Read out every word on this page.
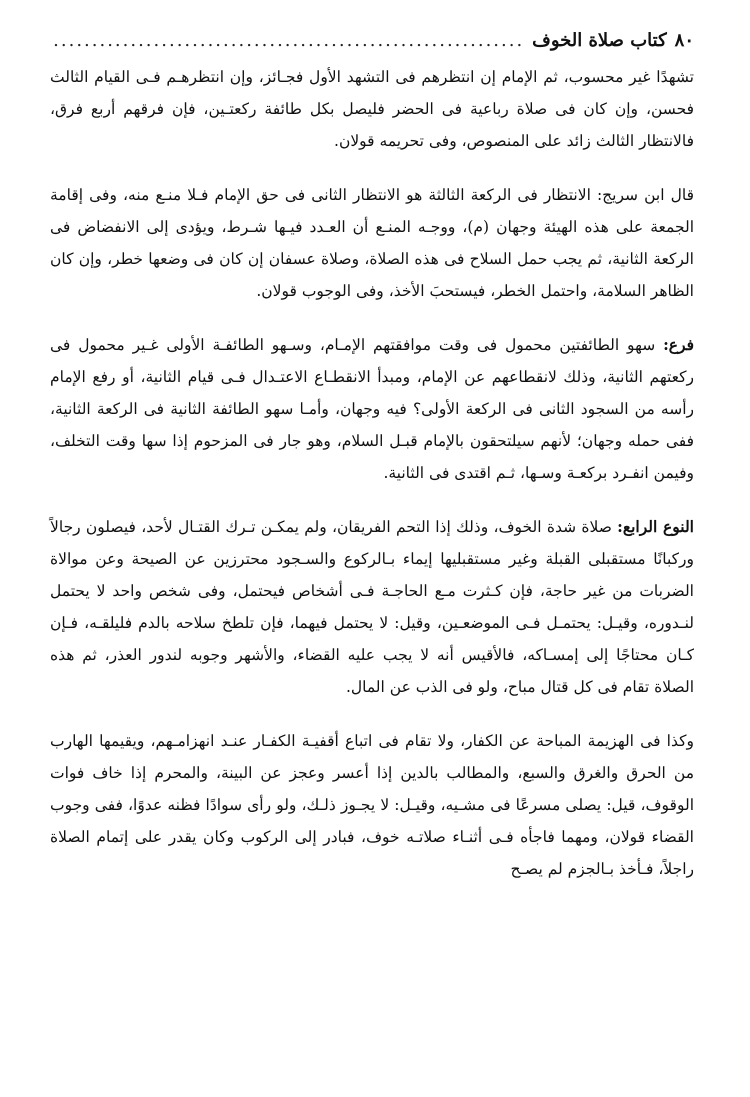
٨٠
كتاب صلاة الخوف
.....

تشهدًا غير محسوب، ثم الإمام إن انتظرهم فى التشهد الأول فجـائز، وإن انتظرهـم فـى القيام الثالث فحسن، وإن كان فى صلاة رباعية فى الحضر فليصل بكل طائفة ركعتـين، فإن فرقهم أربع فرق، فالانتظار الثالث زائد على المنصوص، وفى تحريمه قولان.

قال ابن سريج: الانتظار فى الركعة الثالثة هو الانتظار الثانى فى حق الإمام فـلا منـع منه، وفى إقامة الجمعة على هذه الهيئة وجهان (م)، ووجـه المنـع أن العـدد فيـها شـرط، ويؤدى إلى الانفضاض فى الركعة الثانية، ثم يجب حمل السلاح فى هذه الصلاة، وصلاة عسفان إن كان فى وضعها خطر، وإن كان الظاهر السلامة، واحتمل الخطر، فيستحبَ الأخذ، وفى الوجوب قولان.

فرع: سهو الطائفتين محمول فى وقت موافقتهم الإمـام، وسـهو الطائفـة الأولى غـير محمول فى ركعتهم الثانية، وذلك لانقطاعهم عن الإمام، ومبدأ الانقطـاع الاعتـدال فـى قيام الثانية، أو رفع الإمام رأسه من السجود الثانى فى الركعة الأولى؟ فيه وجهان، وأمـا سهو الطائفة الثانية فى الركعة الثانية، ففى حمله وجهان؛ لأنهم سيلتحقون بالإمام قبـل السلام، وهو جار فى المزحوم إذا سها وقت التخلف، وفيمن انفـرد بركعـة وسـها، ثـم اقتدى فى الثانية.

النوع الرابع: صلاة شدة الخوف، وذلك إذا التحم الفريقان، ولم يمكـن تـرك القتـال لأحد، فيصلون رجالاً وركبانًا مستقبلى القبلة وغير مستقبليها إيماء بـالركوع والسـجود محترزين عن الصيحة وعن موالاة الضربات من غير حاجة، فإن كـثرت مـع الحاجـة فـى أشخاص فيحتمل، وفى شخص واحد لا يحتمل لنـدوره، وقيـل: يحتمـل فـى الموضعـين، وقيل: لا يحتمل فيهما، فإن تلطخ سلاحه بالدم فليلقـه، فـإن كـان محتاجًا إلى إمسـاكه، فالأقيس أنه لا يجب عليه القضاء، والأشهر وجوبه لندور العذر، ثم هذه الصلاة تقام فى كل قتال مباح، ولو فى الذب عن المال.

وكذا فى الهزيمة المباحة عن الكفار، ولا تقام فى اتباع أقفيـة الكفـار عنـد انهزامـهم، ويقيمها الهارب من الحرق والغرق والسبع، والمطالب بالدين إذا أعسر وعجز عن البينة، والمحرم إذا خاف فوات الوقوف، قيل: يصلى مسرعًا فى مشـيه، وقيـل: لا يجـوز ذلـك، ولو رأى سوادًا فظنه عدوًا، ففى وجوب القضاء قولان، ومهما فاجأه فـى أثنـاء صلاتـه خوف، فبادر إلى الركوب وكان يقدر على إتمام الصلاة راجلاً، فـأخذ بـالجزم لم يصـح
